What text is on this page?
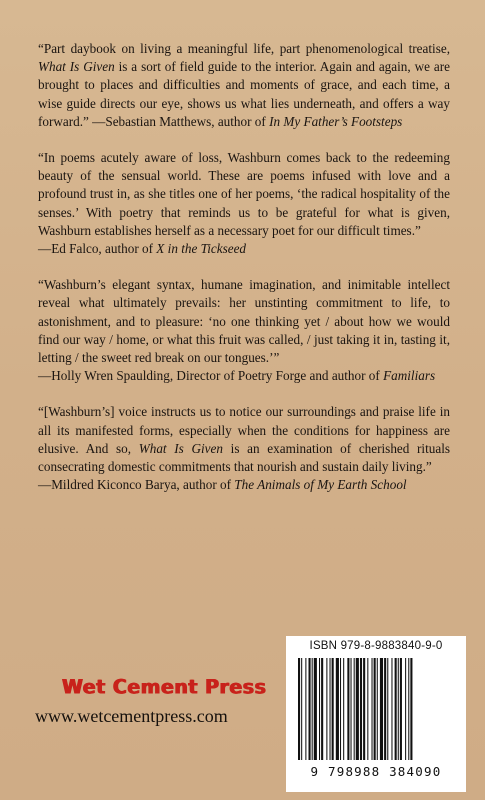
“Part daybook on living a meaningful life, part phenomenological treatise, What Is Given is a sort of field guide to the interior. Again and again, we are brought to places and difficulties and moments of grace, and each time, a wise guide directs our eye, shows us what lies underneath, and offers a way forward.” —Sebastian Matthews, author of In My Father’s Footsteps

“In poems acutely aware of loss, Washburn comes back to the redeeming beauty of the sensual world. These are poems infused with love and a profound trust in, as she titles one of her poems, ‘the radical hospitality of the senses.’ With poetry that reminds us to be grateful for what is given, Washburn establishes herself as a necessary poet for our difficult times.”

—Ed Falco, author of X in the Tickseed

“Washburn’s elegant syntax, humane imagination, and inimitable intellect reveal what ultimately prevails: her unstinting commitment to life, to astonishment, and to pleasure: ‘no one thinking yet / about how we would find our way / home, or what this fruit was called, / just taking it in, tasting it, letting / the sweet red break on our tongues.’”

—Holly Wren Spaulding, Director of Poetry Forge and author of Familiars

“[Washburn’s] voice instructs us to notice our surroundings and praise life in all its manifested forms, especially when the conditions for happiness are elusive. And so, What Is Given is an examination of cherished rituals consecrating domestic commitments that nourish and sustain daily living.”

—Mildred Kiconco Barya, author of The Animals of My Earth School

Wet Cement Press
www.wetcementpress.com
ISBN 979-8-9883840-9-0
9 798988 384090
